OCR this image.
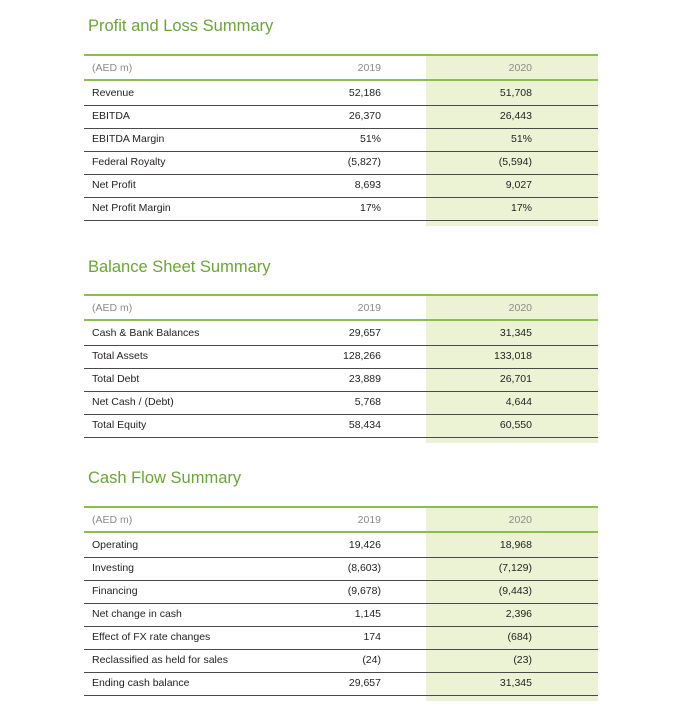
Profit and Loss Summary
(AED m)	2019	2020
Revenue	52,186	51,708
EBITDA	26,370	26,443
EBITDA Margin	51%	51%
Federal Royalty	(5,827)	(5,594)
Net Profit	8,693	9,027
Net Profit Margin	17%	17%
Balance Sheet Summary
(AED m)	2019	2020
Cash & Bank Balances	29,657	31,345
Total Assets	128,266	133,018
Total Debt	23,889	26,701
Net Cash / (Debt)	5,768	4,644
Total Equity	58,434	60,550
Cash Flow Summary
(AED m)	2019	2020
Operating	19,426	18,968
Investing	(8,603)	(7,129)
Financing	(9,678)	(9,443)
Net change in cash	1,145	2,396
Effect of FX rate changes	174	(684)
Reclassified as held for sales	(24)	(23)
Ending cash balance	29,657	31,345
